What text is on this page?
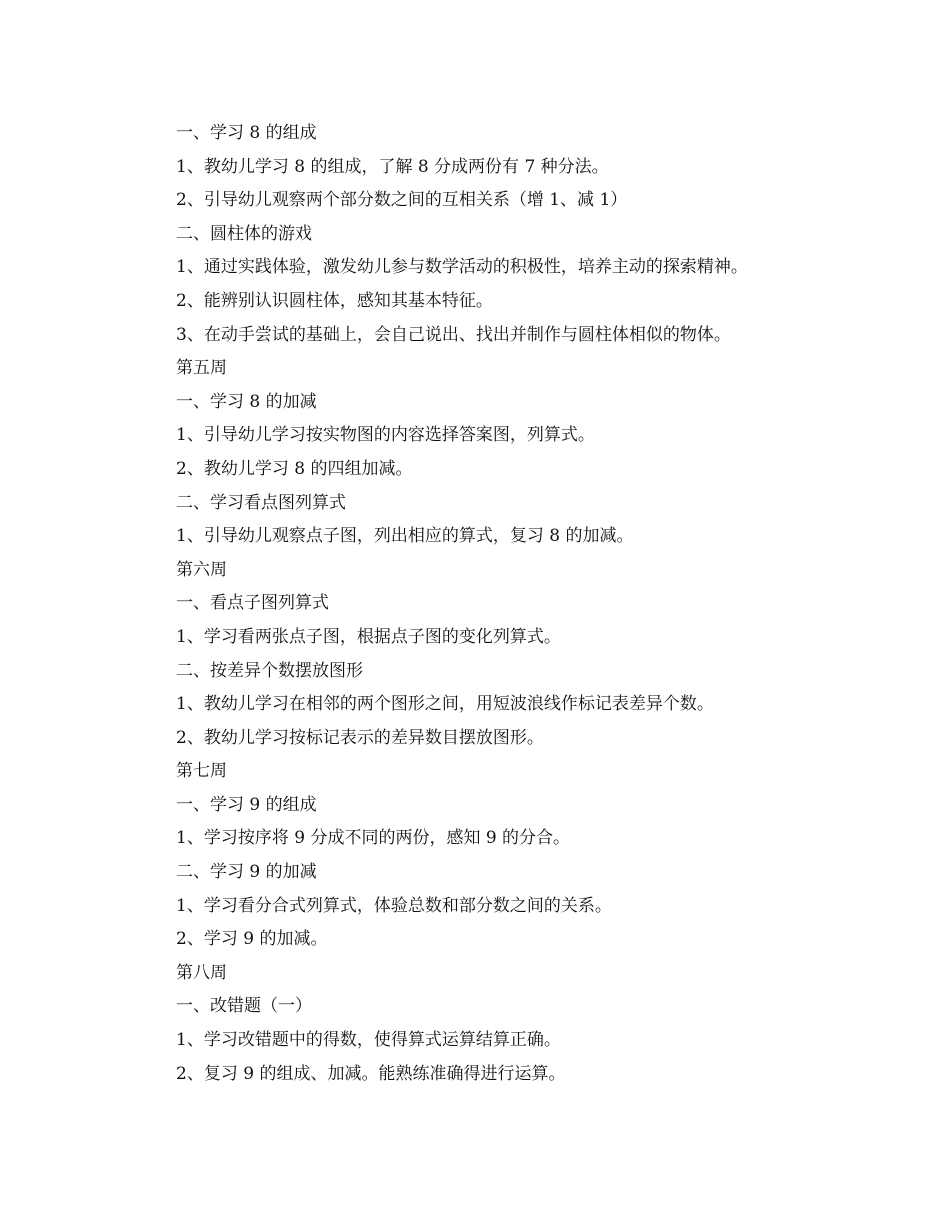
一、学习 8 的组成
1、教幼儿学习 8 的组成，了解 8 分成两份有 7 种分法。
2、引导幼儿观察两个部分数之间的互相关系（增 1、减 1）
二、圆柱体的游戏
1、通过实践体验，激发幼儿参与数学活动的积极性，培养主动的探索精神。
2、能辨别认识圆柱体，感知其基本特征。
3、在动手尝试的基础上，会自己说出、找出并制作与圆柱体相似的物体。
第五周
一、学习 8 的加减
1、引导幼儿学习按实物图的内容选择答案图，列算式。
2、教幼儿学习 8 的四组加减。
二、学习看点图列算式
1、引导幼儿观察点子图，列出相应的算式，复习 8 的加减。
第六周
一、看点子图列算式
1、学习看两张点子图，根据点子图的变化列算式。
二、按差异个数摆放图形
1、教幼儿学习在相邻的两个图形之间，用短波浪线作标记表差异个数。
2、教幼儿学习按标记表示的差异数目摆放图形。
第七周
一、学习 9 的组成
1、学习按序将 9 分成不同的两份，感知 9 的分合。
二、学习 9 的加减
1、学习看分合式列算式，体验总数和部分数之间的关系。
2、学习 9 的加减。
第八周
一、改错题（一）
1、学习改错题中的得数，使得算式运算结算正确。
2、复习 9 的组成、加减。能熟练准确得进行运算。
